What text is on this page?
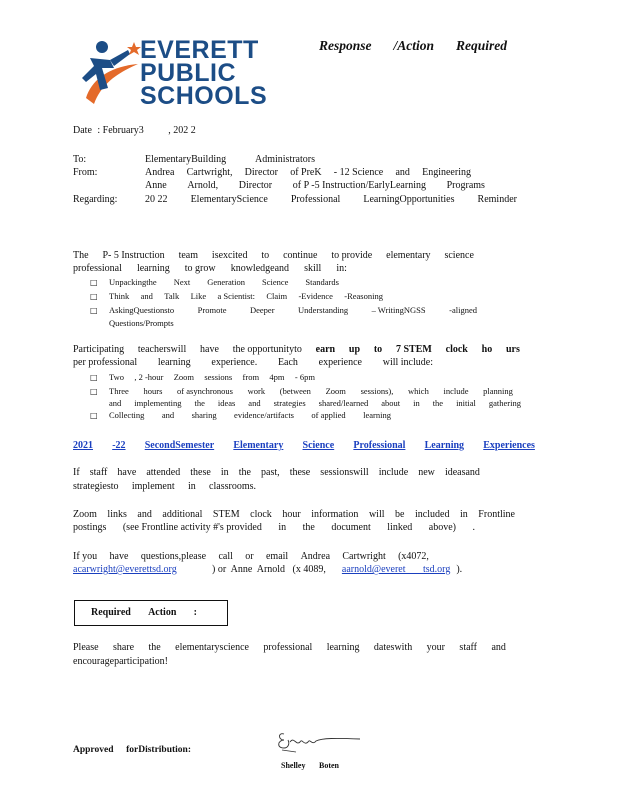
EVERETT
PUBLIC
SCHOOLS
Response /Action Required
Date : February3 , 202 2
To:	ElementaryBuilding	Administrators
From:	Andrea Cartwright, Director of PreK - 12 Science and Engineering
Anne Arnold, Director of P -5 Instruction/EarlyLearning Programs
Regarding:	20 22 ElementaryScience Professional LearningOpportunities Reminder
The P- 5 Instruction team isexcited to continue to provide elementary science
professional learning to grow knowledgeand skill in:
□ Unpackingthe Next Generation Science Standards
□ Think and Talk Like a Scientist: Claim -Evidence -Reasoning
□ AskingQuestionsto	Promote	Deeper	Understanding	– WritingNGSS	-aligned
Questions/Prompts
Participating teacherswill have the opportunityto earn up to 7 STEM clock ho urs
per professional learning experience. Each experience will include:
□ Two , 2 -hour Zoom sessions from 4pm - 6pm
□ Three hours of asynchronous work (between Zoom sessions), which include planning
and implementing the ideas and strategies shared/learned about in the initial gathering
□ Collecting and sharing evidence/artifacts of applied learning
2021 -22 SecondSemester Elementary Science Professional Learning Experiences
If staff have attended these in the past, these sessionswill include new ideasand
strategiesto implement in classrooms.
Zoom links and additional STEM clock hour information will be included in Frontline
postings (see Frontline activity #'s provided in the document linked above) .
If you have questions,please call or email Andrea Cartwright (x4072,
acarwright@everettsd.org	) or  Anne  Arnold   (x 4089, aarnold@everet       tsd.org ).
Required Action :
Please share the elementaryscience professional learning dateswith your staff and
encourageparticipation!
Approved forDistribution:
Shelley Boten
